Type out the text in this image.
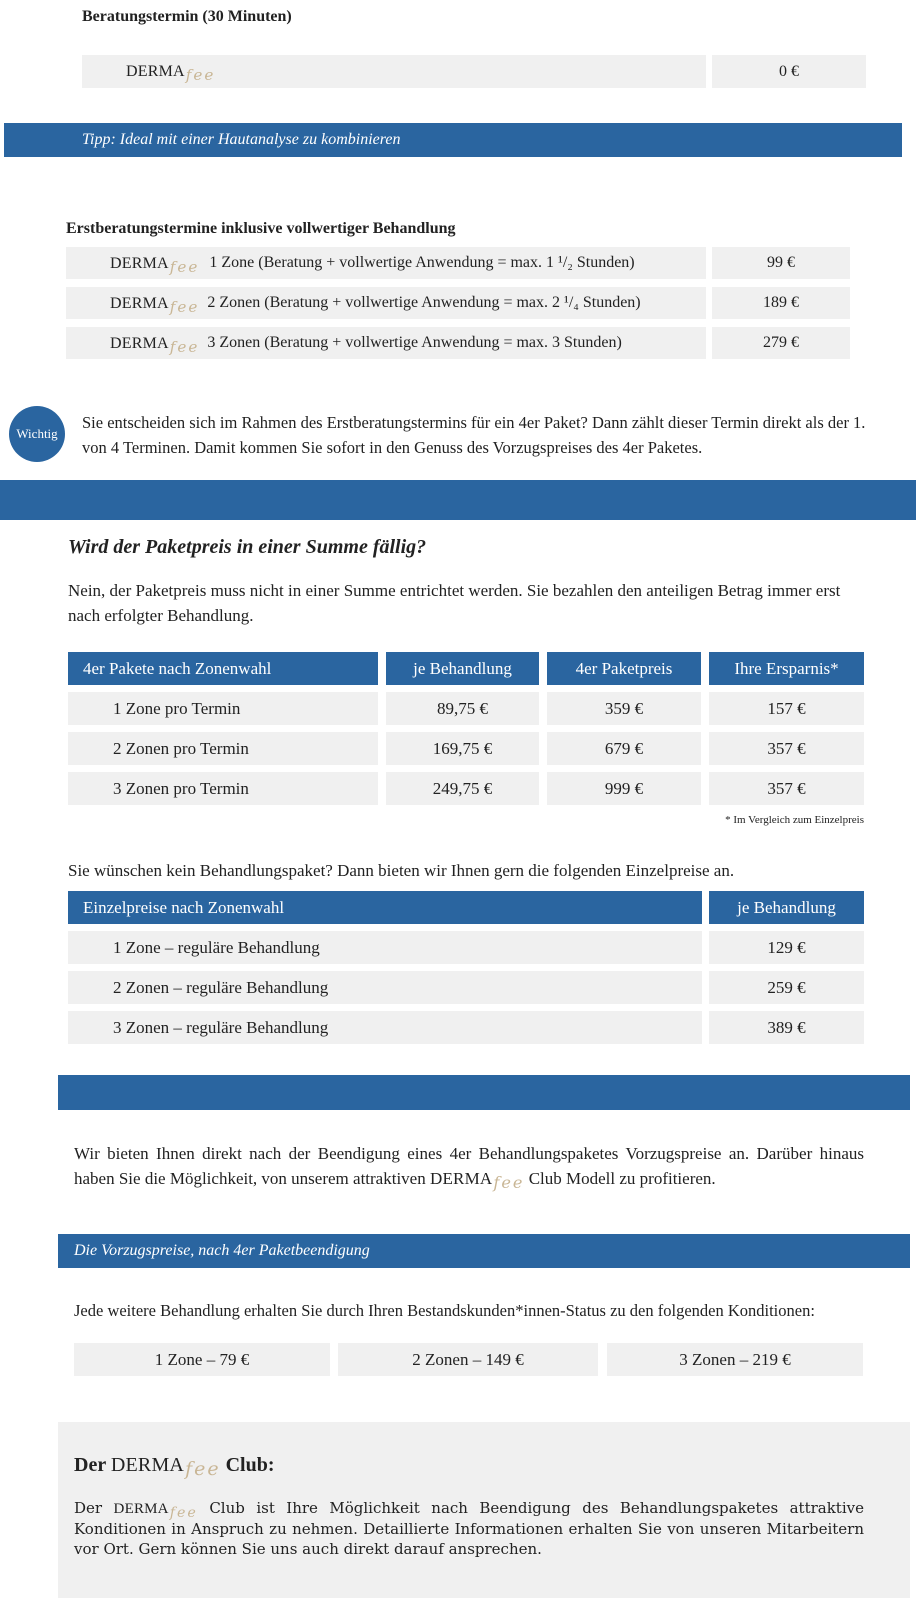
Beratungstermin (30 Minuten)
DERMA fee	0 €
Tipp: Ideal mit einer Hautanalyse zu kombinieren
Erstberatungstermine inklusive vollwertiger Behandlung
DERMA fee 1 Zone (Beratung + vollwertige Anwendung = max. 1 ¹/₂ Stunden)	99 €
DERMA fee 2 Zonen (Beratung + vollwertige Anwendung = max. 2 ¹/₄ Stunden)	189 €
DERMA fee 3 Zonen (Beratung + vollwertige Anwendung = max. 3 Stunden)	279 €
Wichtig
Sie entscheiden sich im Rahmen des Erstberatungstermins für ein 4er Paket? Dann zählt dieser Termin direkt als der 1. von 4 Terminen. Damit kommen Sie sofort in den Genuss des Vorzugspreises des 4er Paketes.
Wird der Paketpreis in einer Summe fällig?
Nein, der Paketpreis muss nicht in einer Summe entrichtet werden. Sie bezahlen den anteiligen Betrag immer erst nach erfolgter Behandlung.
4er Pakete nach Zonenwahl	je Behandlung	4er Paketpreis	Ihre Ersparnis*
1 Zone pro Termin	89,75 €	359 €	157 €
2 Zonen pro Termin	169,75 €	679 €	357 €
3 Zonen pro Termin	249,75 €	999 €	357 €
* Im Vergleich zum Einzelpreis
Sie wünschen kein Behandlungspaket? Dann bieten wir Ihnen gern die folgenden Einzelpreise an.
Einzelpreise nach Zonenwahl	je Behandlung
1 Zone – reguläre Behandlung	129 €
2 Zonen – reguläre Behandlung	259 €
3 Zonen – reguläre Behandlung	389 €
Wir bieten Ihnen direkt nach der Beendigung eines 4er Behandlungspaketes Vorzugspreise an. Darüber hinaus haben Sie die Möglichkeit, von unserem attraktiven DERMA fee Club Modell zu profitieren.
Die Vorzugspreise, nach 4er Paketbeendigung
Jede weitere Behandlung erhalten Sie durch Ihren Bestandskunden*innen-Status zu den folgenden Konditionen:
1 Zone – 79 €	2 Zonen – 149 €	3 Zonen – 219 €
Der DERMA fee Club:
Der DERMA fee Club ist Ihre Möglichkeit nach Beendigung des Behandlungspaketes attraktive Konditionen in Anspruch zu nehmen. Detaillierte Informationen erhalten Sie von unseren Mitarbeitern vor Ort. Gern können Sie uns auch direkt darauf ansprechen.
